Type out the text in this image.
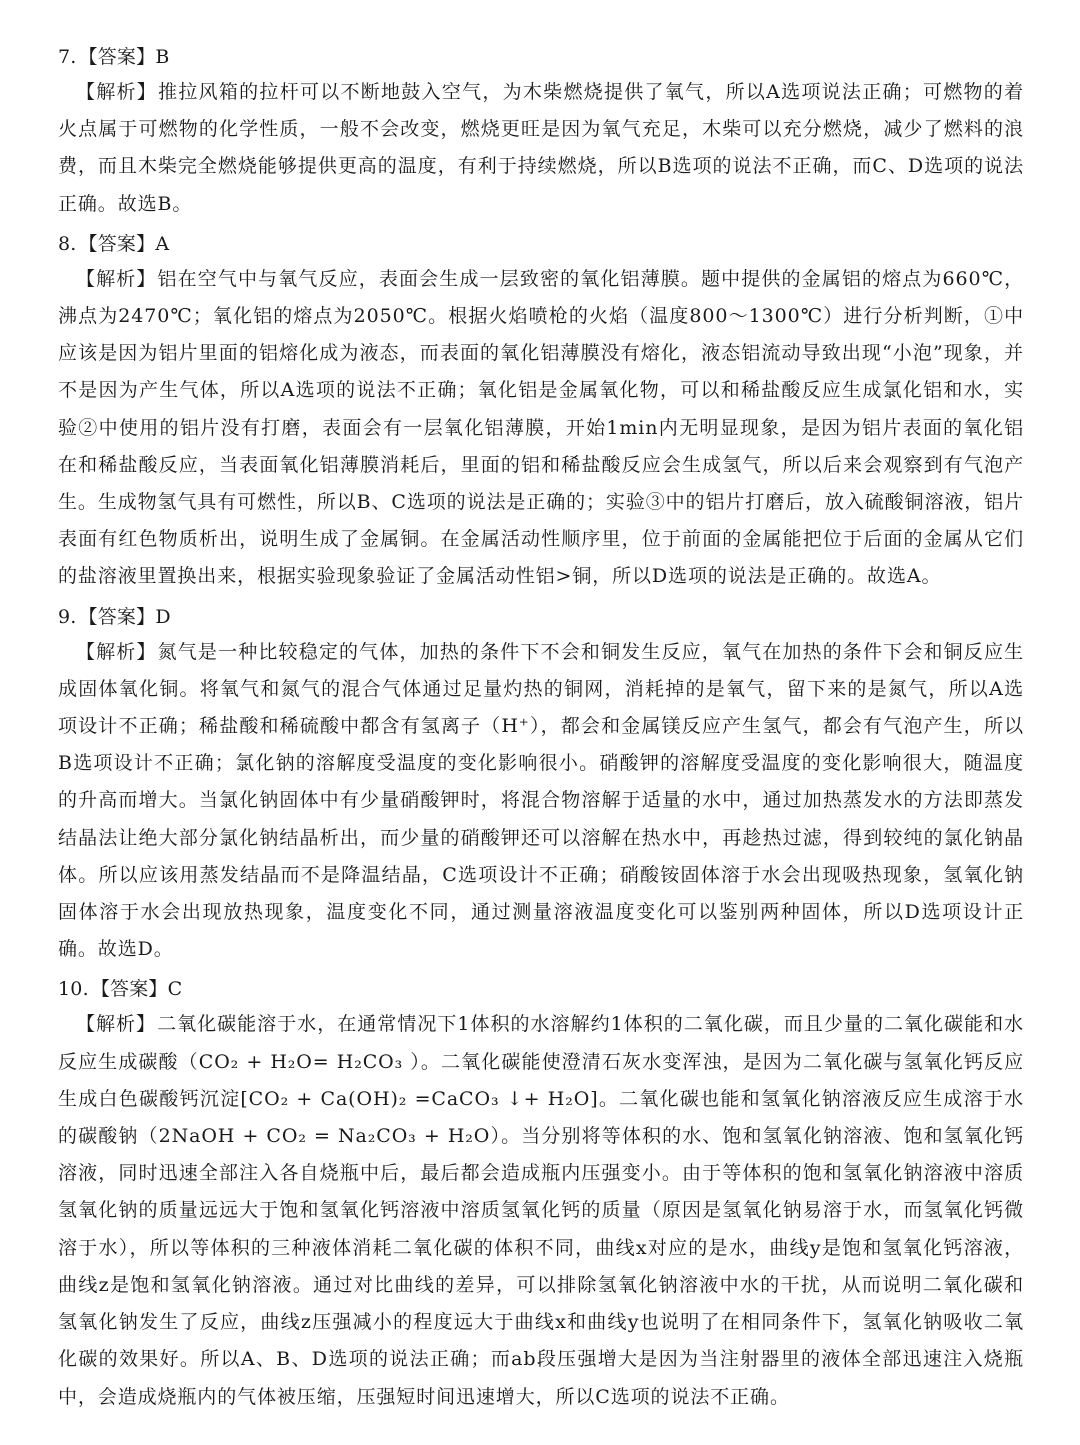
7. 【答案】B

【解析】推拉风箱的拉杆可以不断地鼓入空气，为木柴燃烧提供了氧气，所以A选项说法正确；可燃物的着火点属于可燃物的化学性质，一般不会改变，燃烧更旺是因为氧气充足，木柴可以充分燃烧，减少了燃料的浪费，而且木柴完全燃烧能够提供更高的温度，有利于持续燃烧，所以B选项的说法不正确，而C、D选项的说法正确。故选B。

8. 【答案】A

【解析】铝在空气中与氧气反应，表面会生成一层致密的氧化铝薄膜。题中提供的金属铝的熔点为660℃，沸点为2470℃；氧化铝的熔点为2050℃。根据火焰喷枪的火焰（温度800～1300℃）进行分析判断，①中应该是因为铝片里面的铝熔化成为液态，而表面的氧化铝薄膜没有熔化，液态铝流动导致出现“小泡”现象，并不是因为产生气体，所以A选项的说法不正确；氧化铝是金属氧化物，可以和稀盐酸反应生成氯化铝和水，实验②中使用的铝片没有打磨，表面会有一层氧化铝薄膜，开始1min内无明显现象，是因为铝片表面的氧化铝在和稀盐酸反应，当表面氧化铝薄膜消耗后，里面的铝和稀盐酸反应会生成氢气，所以后来会观察到有气泡产生。生成物氢气具有可燃性，所以B、C选项的说法是正确的；实验③中的铝片打磨后，放入硫酸铜溶液，铝片表面有红色物质析出，说明生成了金属铜。在金属活动性顺序里，位于前面的金属能把位于后面的金属从它们的盐溶液里置换出来，根据实验现象验证了金属活动性铝>铜，所以D选项的说法是正确的。故选A。

9. 【答案】D

【解析】氮气是一种比较稳定的气体，加热的条件下不会和铜发生反应，氧气在加热的条件下会和铜反应生成固体氧化铜。将氧气和氮气的混合气体通过足量灼热的铜网，消耗掉的是氧气，留下来的是氮气，所以A选项设计不正确；稀盐酸和稀硫酸中都含有氢离子（H⁺），都会和金属镁反应产生氢气，都会有气泡产生，所以B选项设计不正确；氯化钠的溶解度受温度的变化影响很小。硝酸钾的溶解度受温度的变化影响很大，随温度的升高而增大。当氯化钠固体中有少量硝酸钾时，将混合物溶解于适量的水中，通过加热蒸发水的方法即蒸发结晶法让绝大部分氯化钠结晶析出，而少量的硝酸钾还可以溶解在热水中，再趁热过滤，得到较纯的氯化钠晶体。所以应该用蒸发结晶而不是降温结晶，C选项设计不正确；硝酸铵固体溶于水会出现吸热现象，氢氧化钠固体溶于水会出现放热现象，温度变化不同，通过测量溶液温度变化可以鉴别两种固体，所以D选项设计正确。故选D。

10. 【答案】C

【解析】二氧化碳能溶于水，在通常情况下1体积的水溶解约1体积的二氧化碳，而且少量的二氧化碳能和水反应生成碳酸（CO₂ + H₂O= H₂CO₃ ）。二氧化碳能使澄清石灰水变浑浊，是因为二氧化碳与氢氧化钙反应生成白色碳酸钙沉淀[CO₂ + Ca(OH)₂ =CaCO₃ ↓+ H₂O]。二氧化碳也能和氢氧化钠溶液反应生成溶于水的碳酸钠（2NaOH + CO₂ = Na₂CO₃ + H₂O）。当分别将等体积的水、饱和氢氧化钠溶液、饱和氢氧化钙溶液，同时迅速全部注入各自烧瓶中后，最后都会造成瓶内压强变小。由于等体积的饱和氢氧化钠溶液中溶质氢氧化钠的质量远远大于饱和氢氧化钙溶液中溶质氢氧化钙的质量（原因是氢氧化钠易溶于水，而氢氧化钙微溶于水），所以等体积的三种液体消耗二氧化碳的体积不同，曲线x对应的是水，曲线y是饱和氢氧化钙溶液，曲线z是饱和氢氧化钠溶液。通过对比曲线的差异，可以排除氢氧化钠溶液中水的干扰，从而说明二氧化碳和氢氧化钠发生了反应，曲线z压强减小的程度远大于曲线x和曲线y也说明了在相同条件下，氢氧化钠吸收二氧化碳的效果好。所以A、B、D选项的说法正确；而ab段压强增大是因为当注射器里的液体全部迅速注入烧瓶中，会造成烧瓶内的气体被压缩，压强短时间迅速增大，所以C选项的说法不正确。
